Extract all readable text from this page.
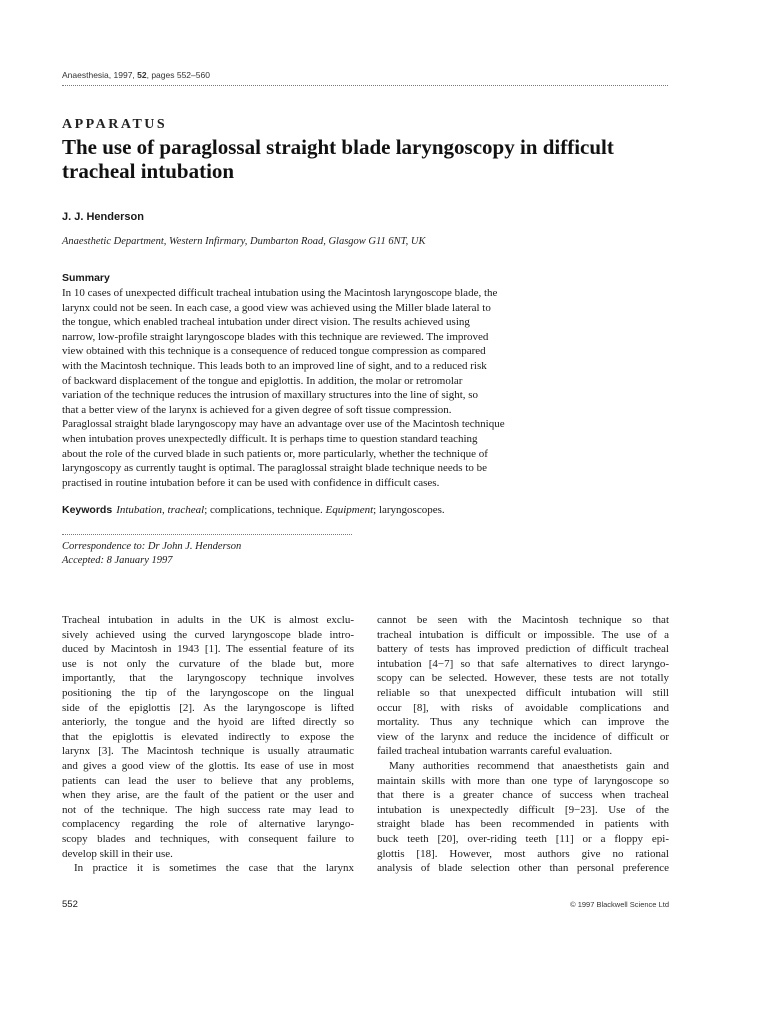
Anaesthesia, 1997, 52, pages 552–560
APPARATUS
The use of paraglossal straight blade laryngoscopy in difficult tracheal intubation
J. J. Henderson
Anaesthetic Department, Western Infirmary, Dumbarton Road, Glasgow G11 6NT, UK
Summary

In 10 cases of unexpected difficult tracheal intubation using the Macintosh laryngoscope blade, the
larynx could not be seen. In each case, a good view was achieved using the Miller blade lateral to
the tongue, which enabled tracheal intubation under direct vision. The results achieved using
narrow, low-profile straight laryngoscope blades with this technique are reviewed. The improved
view obtained with this technique is a consequence of reduced tongue compression as compared
with the Macintosh technique. This leads both to an improved line of sight, and to a reduced risk
of backward displacement of the tongue and epiglottis. In addition, the molar or retromolar
variation of the technique reduces the intrusion of maxillary structures into the line of sight, so
that a better view of the larynx is achieved for a given degree of soft tissue compression.
Paraglossal straight blade laryngoscopy may have an advantage over use of the Macintosh technique
when intubation proves unexpectedly difficult. It is perhaps time to question standard teaching
about the role of the curved blade in such patients or, more particularly, whether the technique of
laryngoscopy as currently taught is optimal. The paraglossal straight blade technique needs to be
practised in routine intubation before it can be used with confidence in difficult cases.

Keywords Intubation, tracheal; complications, technique. Equipment; laryngoscopes.
Correspondence to: Dr John J. Henderson
Accepted: 8 January 1997
Tracheal intubation in adults in the UK is almost exclu-
sively achieved using the curved laryngoscope blade intro-
duced by Macintosh in 1943 [1]. The essential feature of its
use is not only the curvature of the blade but, more
importantly, that the laryngoscopy technique involves
positioning the tip of the laryngoscope on the lingual
side of the epiglottis [2]. As the laryngoscope is lifted
anteriorly, the tongue and the hyoid are lifted directly so
that the epiglottis is elevated indirectly to expose the
larynx [3]. The Macintosh technique is usually atraumatic
and gives a good view of the glottis. Its ease of use in most
patients can lead the user to believe that any problems,
when they arise, are the fault of the patient or the user and
not of the technique. The high success rate may lead to
complacency regarding the role of alternative laryngo-
scopy blades and techniques, with consequent failure to
develop skill in their use.
In practice it is sometimes the case that the larynx
cannot be seen with the Macintosh technique so that
tracheal intubation is difficult or impossible. The use of a
battery of tests has improved prediction of difficult tracheal
intubation [4−7] so that safe alternatives to direct laryngo-
scopy can be selected. However, these tests are not totally
reliable so that unexpected difficult intubation will still
occur [8], with risks of avoidable complications and
mortality. Thus any technique which can improve the
view of the larynx and reduce the incidence of difficult or
failed tracheal intubation warrants careful evaluation.
Many authorities recommend that anaesthetists gain and
maintain skills with more than one type of laryngoscope so
that there is a greater chance of success when tracheal
intubation is unexpectedly difficult [9−23]. Use of the
straight blade has been recommended in patients with
buck teeth [20], over-riding teeth [11] or a floppy epi-
glottis [18]. However, most authors give no rational
analysis of blade selection other than personal preference
552	© 1997 Blackwell Science Ltd
